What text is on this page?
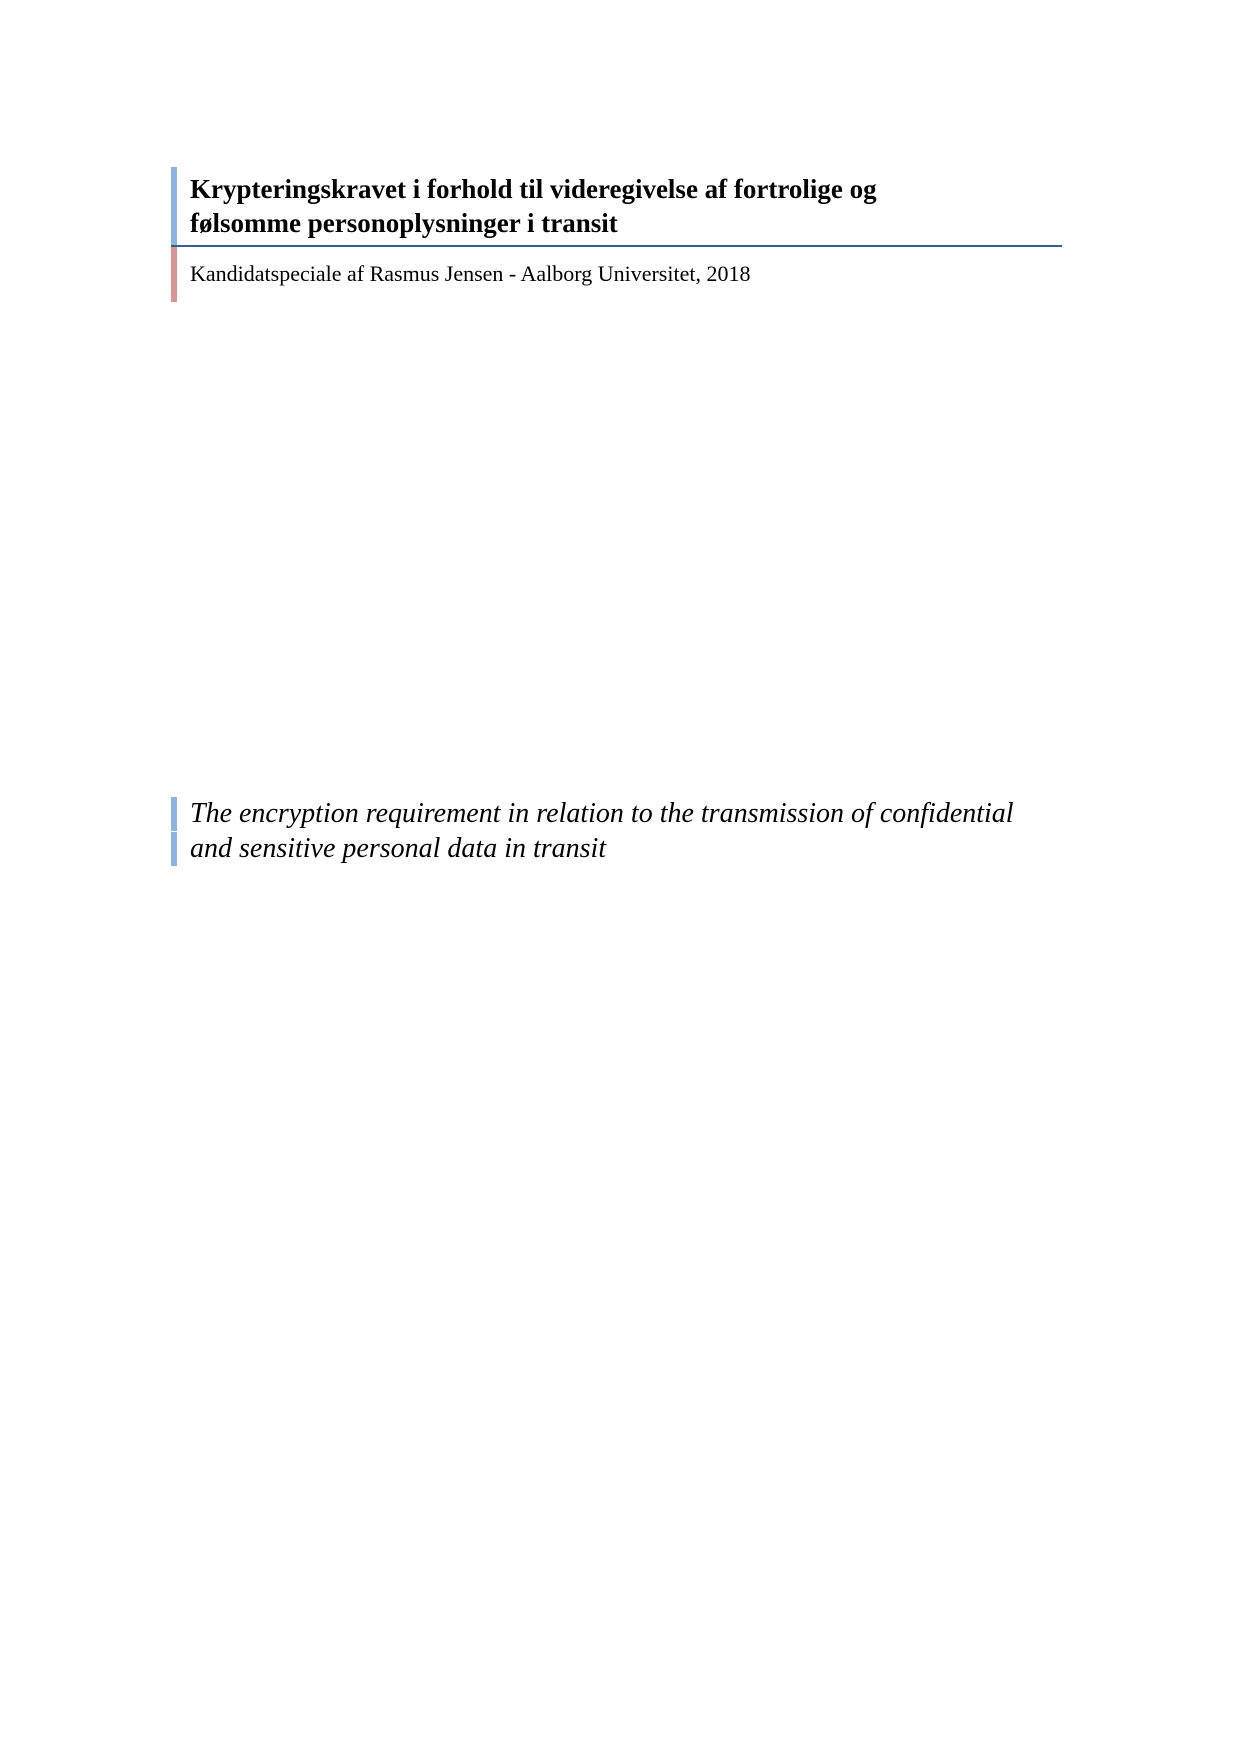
Krypteringskravet i forhold til videregivelse af fortrolige og
følsomme personoplysninger i transit
Kandidatspeciale af Rasmus Jensen - Aalborg Universitet, 2018
The encryption requirement in relation to the transmission of confidential
and sensitive personal data in transit
